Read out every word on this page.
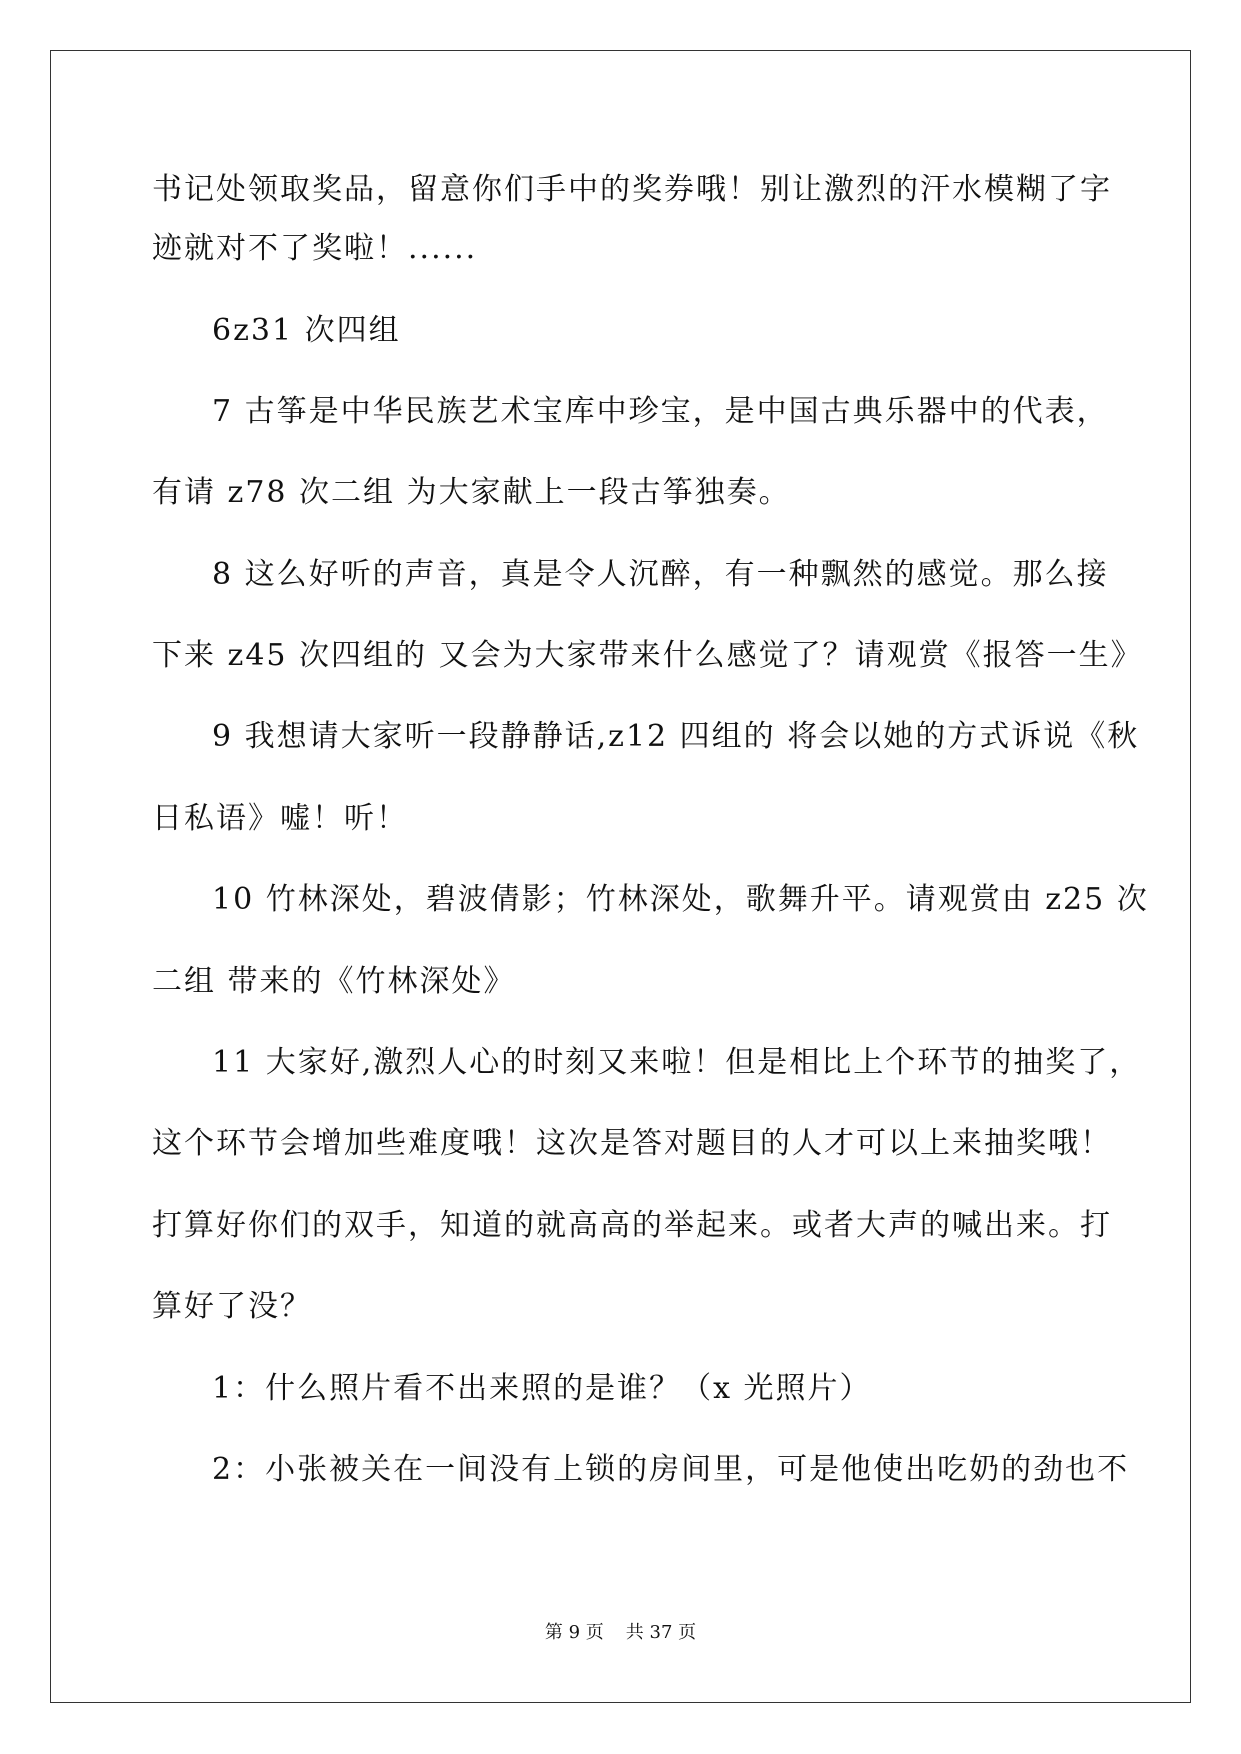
书记处领取奖品，留意你们手中的奖券哦！别让激烈的汗水模糊了字
迹就对不了奖啦！......
6z31 次四组
7 古筝是中华民族艺术宝库中珍宝，是中国古典乐器中的代表，
有请 z78 次二组 为大家献上一段古筝独奏。
8 这么好听的声音，真是令人沉醉，有一种飘然的感觉。那么接
下来 z45 次四组的 又会为大家带来什么感觉了？请观赏《报答一生》
9 我想请大家听一段静静话,z12 四组的 将会以她的方式诉说《秋
日私语》嘘！听！
10 竹林深处，碧波倩影；竹林深处，歌舞升平。请观赏由 z25 次
二组 带来的《竹林深处》
11 大家好,激烈人心的时刻又来啦！但是相比上个环节的抽奖了，
这个环节会增加些难度哦！这次是答对题目的人才可以上来抽奖哦！
打算好你们的双手，知道的就高高的举起来。或者大声的喊出来。打
算好了没？
1：什么照片看不出来照的是谁？（x 光照片）
2：小张被关在一间没有上锁的房间里，可是他使出吃奶的劲也不
第 9 页 共 37 页
